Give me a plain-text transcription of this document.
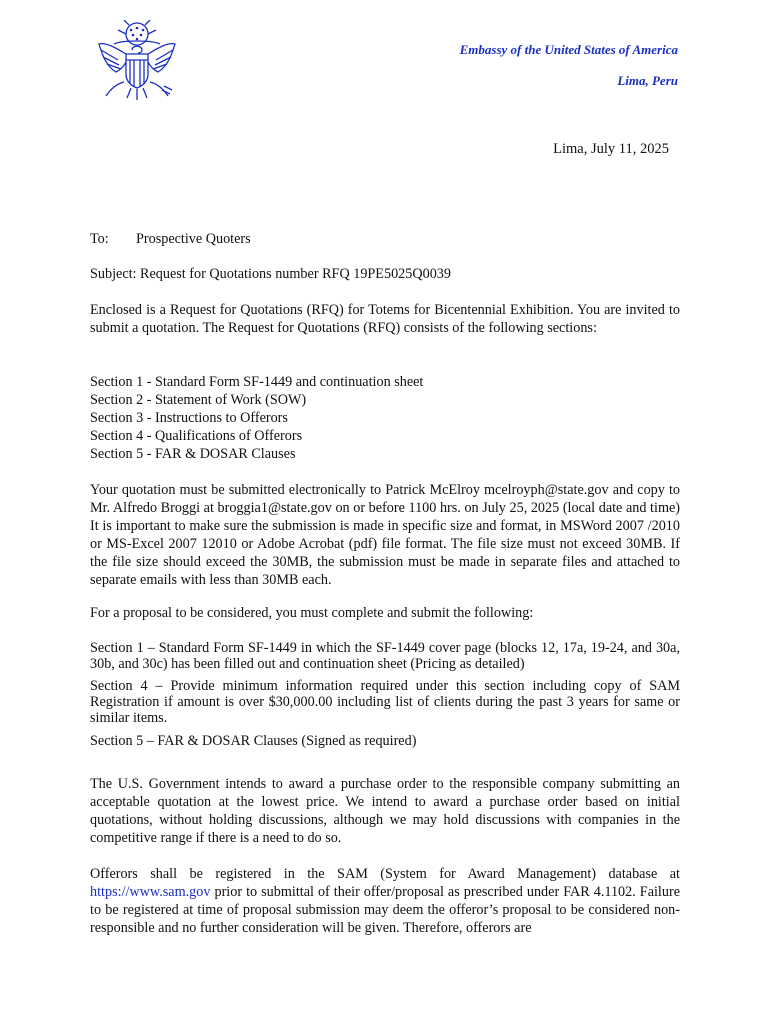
Embassy of the United States of America
Lima, Peru
Lima, July 11, 2025
To: Prospective Quoters
Subject: Request for Quotations number RFQ 19PE5025Q0039
Enclosed is a Request for Quotations (RFQ) for Totems for Bicentennial Exhibition. You are invited to submit a quotation. The Request for Quotations (RFQ) consists of the following sections:
Section 1 - Standard Form SF-1449 and continuation sheet
Section 2 - Statement of Work (SOW)
Section 3 - Instructions to Offerors
Section 4 - Qualifications of Offerors
Section 5 - FAR & DOSAR Clauses
Your quotation must be submitted electronically to Patrick McElroy mcelroyph@state.gov and copy to Mr. Alfredo Broggi at broggia1@state.gov on or before 1100 hrs. on July 25, 2025 (local date and time) It is important to make sure the submission is made in specific size and format, in MSWord 2007 /2010 or MS-Excel 2007 12010 or Adobe Acrobat (pdf) file format. The file size must not exceed 30MB. If the file size should exceed the 30MB, the submission must be made in separate files and attached to separate emails with less than 30MB each.
For a proposal to be considered, you must complete and submit the following:
Section 1 – Standard Form SF-1449 in which the SF-1449 cover page (blocks 12, 17a, 19-24, and 30a, 30b, and 30c) has been filled out and continuation sheet (Pricing as detailed)
Section 4 – Provide minimum information required under this section including copy of SAM Registration if amount is over $30,000.00 including list of clients during the past 3 years for same or similar items.
Section 5 – FAR & DOSAR Clauses (Signed as required)
The U.S. Government intends to award a purchase order to the responsible company submitting an acceptable quotation at the lowest price. We intend to award a purchase order based on initial quotations, without holding discussions, although we may hold discussions with companies in the competitive range if there is a need to do so.
Offerors shall be registered in the SAM (System for Award Management) database at https://www.sam.gov prior to submittal of their offer/proposal as prescribed under FAR 4.1102. Failure to be registered at time of proposal submission may deem the offeror’s proposal to be considered non-responsible and no further consideration will be given. Therefore, offerors are
